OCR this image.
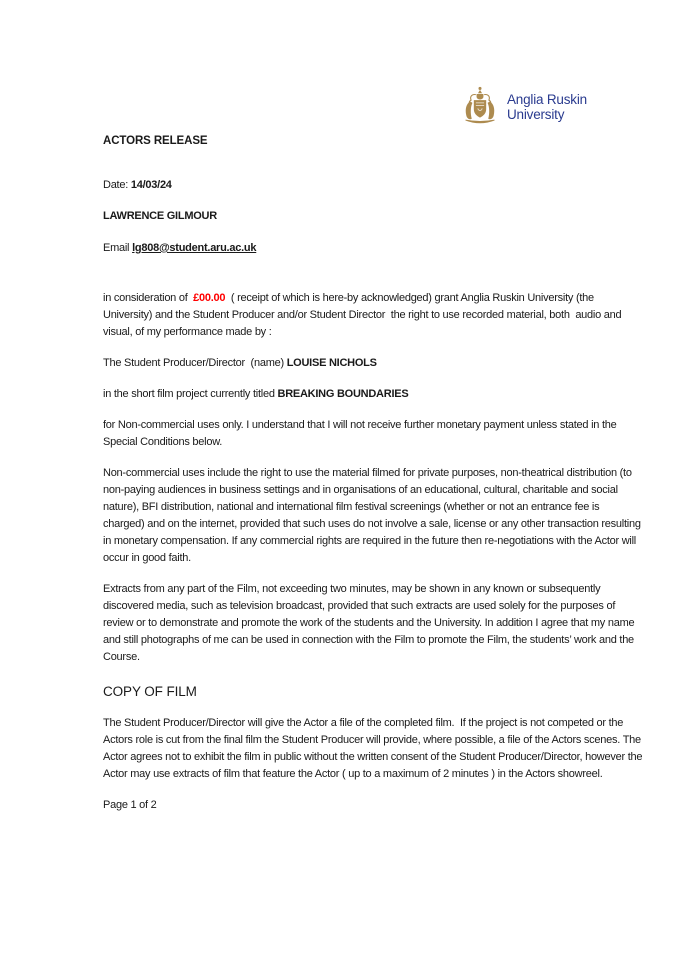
Anglia Ruskin
University
ACTORS RELEASE

Date: 14/03/24

LAWRENCE GILMOUR

Email lg808@student.aru.ac.uk

in consideration of  £00.00  ( receipt of which is here-by acknowledged) grant Anglia Ruskin University (the University) and the Student Producer and/or Student Director  the right to use recorded material, both  audio and visual, of my performance made by :

The Student Producer/Director  (name) LOUISE NICHOLS

in the short film project currently titled BREAKING BOUNDARIES

for Non-commercial uses only. I understand that I will not receive further monetary payment unless stated in the Special Conditions below.

Non-commercial uses include the right to use the material filmed for private purposes, non-theatrical distribution (to non-paying audiences in business settings and in organisations of an educational, cultural, charitable and social nature), BFI distribution, national and international film festival screenings (whether or not an entrance fee is charged) and on the internet, provided that such uses do not involve a sale, license or any other transaction resulting in monetary compensation. If any commercial rights are required in the future then re-negotiations with the Actor will occur in good faith.

Extracts from any part of the Film, not exceeding two minutes, may be shown in any known or subsequently discovered media, such as television broadcast, provided that such extracts are used solely for the purposes of review or to demonstrate and promote the work of the students and the University. In addition I agree that my name and still photographs of me can be used in connection with the Film to promote the Film, the students’ work and the Course.

COPY OF FILM

The Student Producer/Director will give the Actor a file of the completed film.  If the project is not competed or the Actors role is cut from the final film the Student Producer will provide, where possible, a file of the Actors scenes. The Actor agrees not to exhibit the film in public without the written consent of the Student Producer/Director, however the Actor may use extracts of film that feature the Actor ( up to a maximum of 2 minutes ) in the Actors showreel.

Page 1 of 2
